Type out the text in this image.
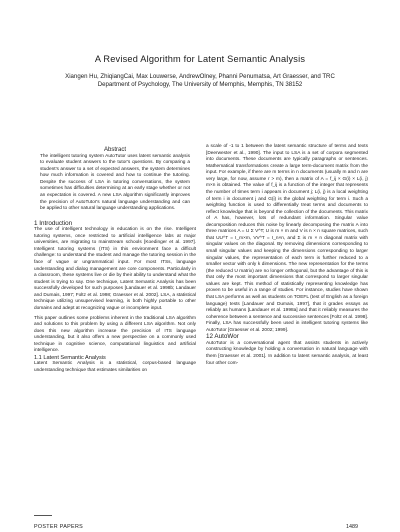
A Revised Algorithm for Latent Semantic Analysis
Xiangen Hu, ZhiqiangCai, Max Louwerse, AndrewOlney, Phanni Penumatsa, Art Graesser, and TRC
Department of Psychology, The University of Memphis, Memphis, TN 38152

Abstract

The intelligent tutoring system AutoTutor uses latent semantic analysis to evaluate student answers to the tutor's questions. By comparing a student's answer to a set of expected answers, the system determines how much information is covered and how to continue the tutoring. Despite the success of LSA in tutoring conversations, the system sometimes has difficulties determining at an early stage whether or not an expectation is covered. A new LSA algorithm significantly improves the precision of AutoTutor's natural language understanding and can be applied to other natural language understanding applications.

1 Introduction

The use of intelligent technology in education is on the rise. Intelligent tutoring systems, once restricted to artificial intelligence labs at major universities, are migrating to mainstream schools [Koedinger et al. 1997]. Intelligent tutoring systems (ITS) in this environment face a difficult challenge: to understand the student and manage the tutoring session in the face of vague or ungrammatical input. For most ITSs, language understanding and dialog management are core components. Particularly in a classroom, these systems live or die by their ability to understand what the student is trying to say. One technique, Latent Semantic Analysis has been successfully developed for such purposes [Landauer et al. 1998b; Landauer and Dumais, 1997; Foltz et al. 1998; Graesser et al. 2002]. LSA, a statistical technique utilizing unsupervised learning, is both highly portable to other domains and adept at recognizing vague or incomplete input.

This paper outlines some problems inherent in the traditional LSA algorithm and solutions to this problem by using a different LSA algorithm. Not only does this new algorithm increase the precision of ITS language understanding, but it also offers a new perspective on a commonly used technique in cognitive science, computational linguistics and artificial intelligence.

1.1 Latent Semantic Analysis

Latent Semantic Analysis is a statistical, corpus-based language understanding technique that estimates similarities on

a scale of -1 to 1 between the latent semantic structure of terms and texts [Deerwester et al., 1990]. The input to LSA is a set of corpora segmented into documents. These documents are typically paragraphs or sentences. Mathematical transformations create a large term-document matrix from the input. For example, if there are m terms in n documents (usually m and n are very large, for now, assume r > m), then a matrix of A = f_ij × G(i) × L(i, j) m×n is obtained. The value of f_ij is a function of the integer that represents the number of times term i appears in document j; L(i, j) is a local weighting of term i in document j and G(i) is the global weighting for term i. Such a weighting function is used to differentially treat terms and documents to reflect knowledge that is beyond the collection of the documents. This matrix of A has, however, lots of redundant information. Singular value decomposition reduces this noise by linearly decomposing the matrix A into three matrices A = U Σ V^T; U is m × m and V is n × n square matrices, such that UU^T = I_m×m, VV^T = I_n×n, and Σ is m × n diagonal matrix with singular values on the diagonal. By removing dimensions corresponding to small singular values and keeping the dimensions corresponding to larger singular values, the representation of each term is further reduced to a smaller vector with only k dimensions. The new representation for the terms (the reduced U matrix) are no longer orthogonal, but the advantage of this is that only the most important dimensions that correspond to larger singular values are kept. This method of statistically representing knowledge has proven to be useful in a range of studies. For instance, studies have shown that LSA performs as well as students on TOEFL (test of English as a foreign language) tests [Landauer and Dumais, 1997], that it grades essays as reliably as humans [Landauer et al. 1998a] and that it reliably measures the coherence between a sentence and successive sentences [Foltz et al. 1998]. Finally, LSA has successfully been used in intelligent tutoring systems like AutoTutor [Graesser et al. 2002; 1999].

12 AutoWor

AutoTutor is a conversational agent that assists students in actively constructing knowledge by holding a conversation in natural language with them [Graesser et al. 2001]. In addition to latent semantic analysis, at least four other com-

POSTER PAPERS	1489
